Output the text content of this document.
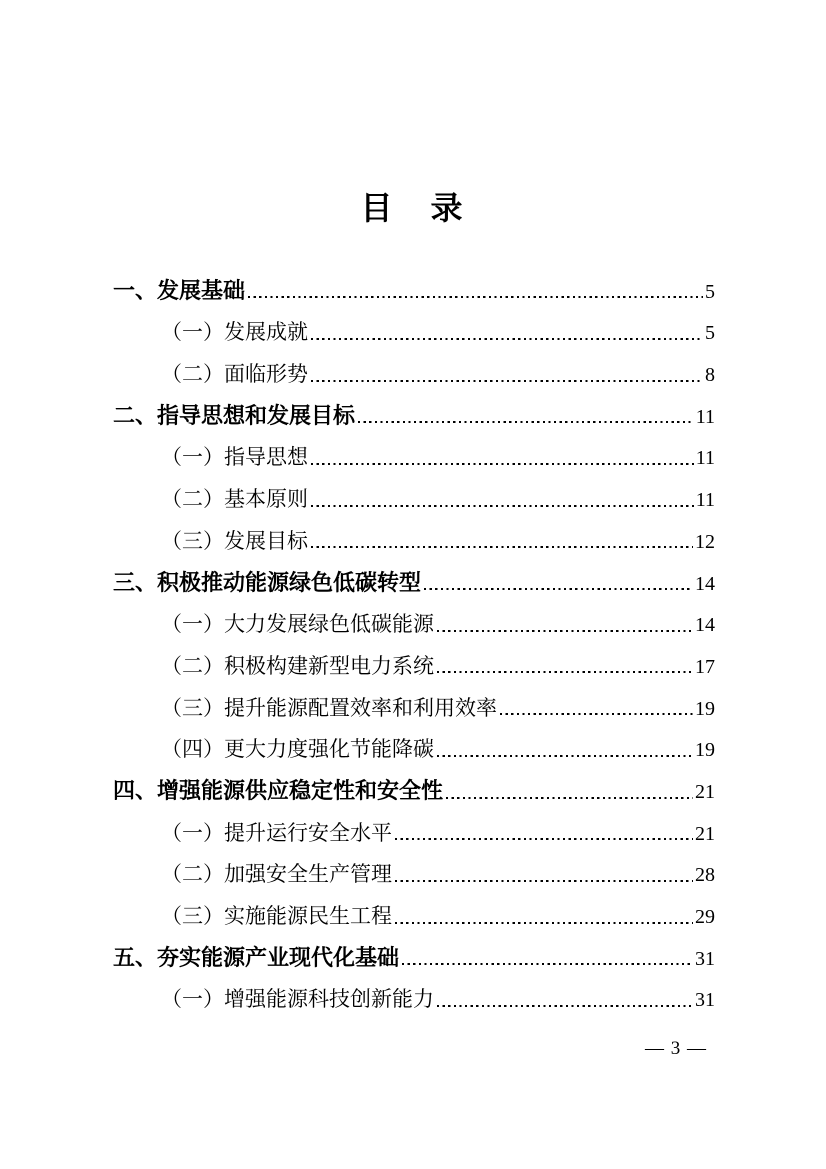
目　录
一、发展基础	5
（一）发展成就	5
（二）面临形势	8
二、指导思想和发展目标	11
（一）指导思想	11
（二）基本原则	11
（三）发展目标	12
三、积极推动能源绿色低碳转型	14
（一）大力发展绿色低碳能源	14
（二）积极构建新型电力系统	17
（三）提升能源配置效率和利用效率	19
（四）更大力度强化节能降碳	19
四、增强能源供应稳定性和安全性	21
（一）提升运行安全水平	21
（二）加强安全生产管理	28
（三）实施能源民生工程	29
五、夯实能源产业现代化基础	31
（一）增强能源科技创新能力	31
— 3 —
